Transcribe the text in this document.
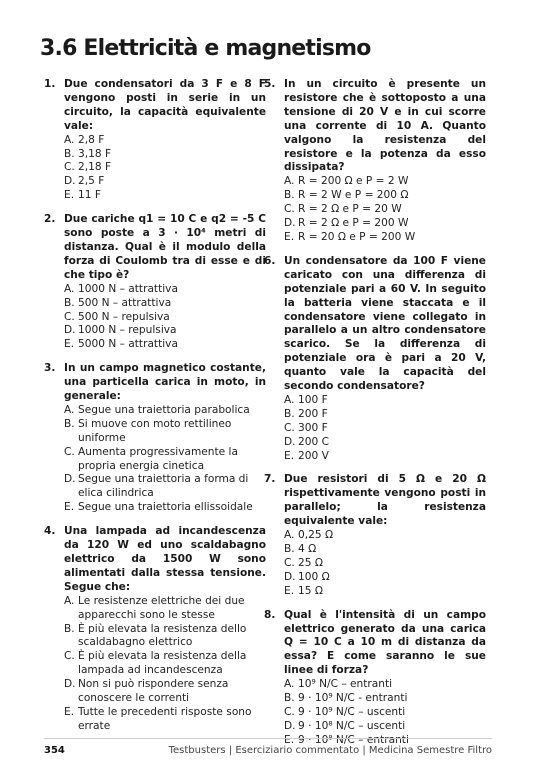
3.6 Elettricità e magnetismo
1. Due condensatori da 3 F e 8 F vengono posti in serie in un circuito, la capacità equivalente vale:
A. 2,8 F
B. 3,18 F
C. 2,18 F
D. 2,5 F
E. 11 F
2. Due cariche q1 = 10 C e q2 = -5 C sono poste a 3 · 10⁴ metri di distanza. Qual è il modulo della forza di Coulomb tra di esse e di che tipo è?
A. 1000 N – attrattiva
B. 500 N – attrattiva
C. 500 N – repulsiva
D. 1000 N – repulsiva
E. 5000 N – attrattiva
3. In un campo magnetico costante, una particella carica in moto, in generale:
A. Segue una traiettoria parabolica
B. Si muove con moto rettilineo uniforme
C. Aumenta progressivamente la propria energia cinetica
D. Segue una traiettoria a forma di elica cilindrica
E. Segue una traiettoria ellissoidale
4. Una lampada ad incandescenza da 120 W ed uno scaldabagno elettrico da 1500 W sono alimentati dalla stessa tensione. Segue che:
A. Le resistenze elettriche dei due apparecchi sono le stesse
B. È più elevata la resistenza dello scaldabagno elettrico
C. È più elevata la resistenza della lampada ad incandescenza
D. Non si può rispondere senza conoscere le correnti
E. Tutte le precedenti risposte sono errate
5. In un circuito è presente un resistore che è sottoposto a una tensione di 20 V e in cui scorre una corrente di 10 A. Quanto valgono la resistenza del resistore e la potenza da esso dissipata?
A. R = 200 Ω e P = 2 W
B. R = 2 W e P = 200 Ω
C. R = 2 Ω e P = 20 W
D. R = 2 Ω e P = 200 W
E. R = 20 Ω e P = 200 W
6. Un condensatore da 100 F viene caricato con una differenza di potenziale pari a 60 V. In seguito la batteria viene staccata e il condensatore viene collegato in parallelo a un altro condensatore scarico. Se la differenza di potenziale ora è pari a 20 V, quanto vale la capacità del secondo condensatore?
A. 100 F
B. 200 F
C. 300 F
D. 200 C
E. 200 V
7. Due resistori di 5 Ω e 20 Ω rispettivamente vengono posti in parallelo; la resistenza equivalente vale:
A. 0,25 Ω
B. 4 Ω
C. 25 Ω
D. 100 Ω
E. 15 Ω
8. Qual è l'intensità di un campo elettrico generato da una carica Q = 10 C a 10 m di distanza da essa? E come saranno le sue linee di forza?
A. 10⁹ N/C – entranti
B. 9 · 10⁹ N/C - entranti
C. 9 · 10⁹ N/C – uscenti
D. 9 · 10⁸ N/C – uscenti
E. 9 · 10⁸ N/C – entranti
354	Testbusters | Eserciziario commentato | Medicina Semestre Filtro
